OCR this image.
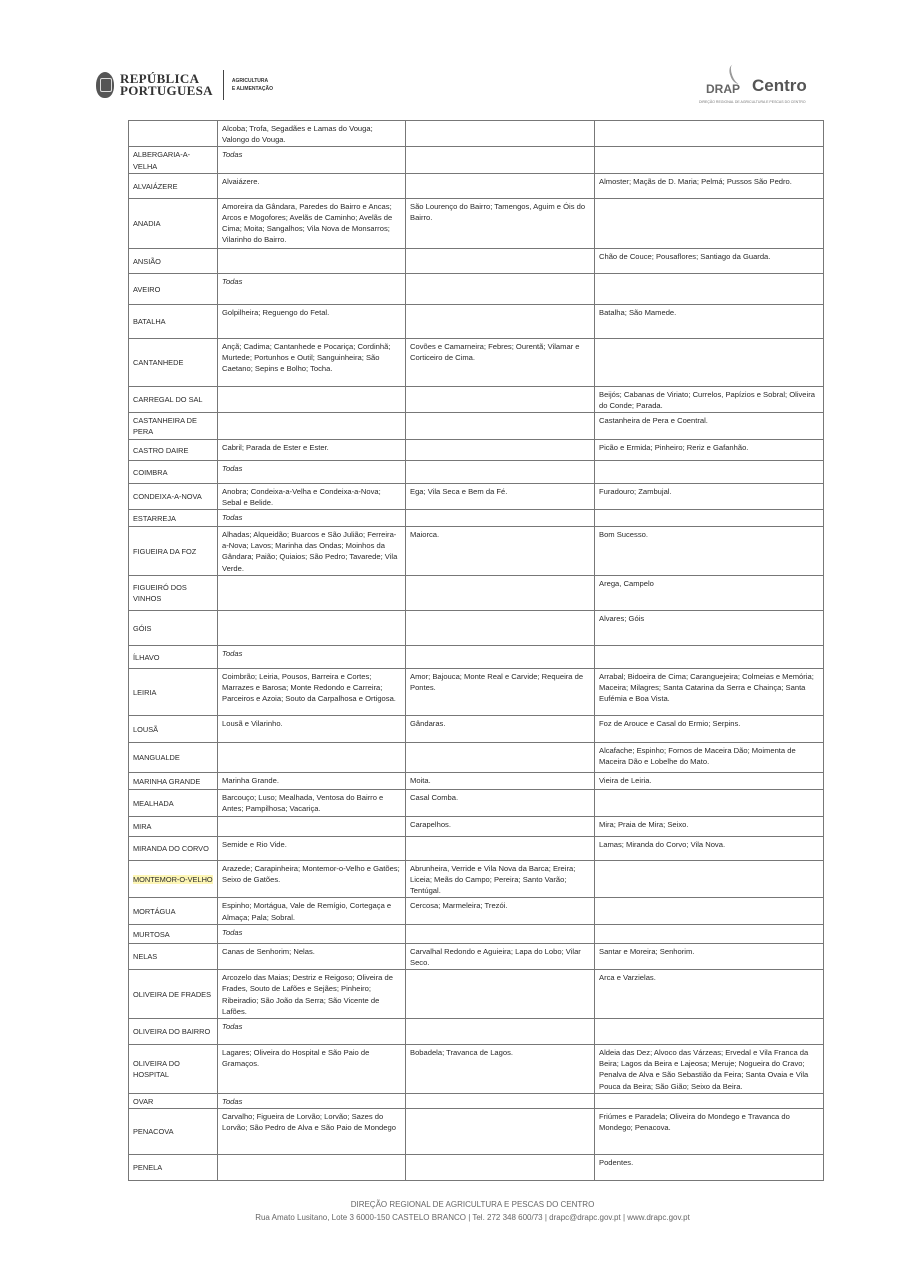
REPÚBLICA
PORTUGUESA
AGRICULTURA
E ALIMENTAÇÃO	DRAP Centro
DIREÇÃO REGIONAL DE AGRICULTURA E PESCAS DO CENTRO
	Alcoba; Trofa, Segadães e Lamas do Vouga; Valongo do Vouga.		
ALBERGARIA-A-VELHA	Todas		
ALVAIÁZERE	Alvaiázere.		Almoster; Maçãs de D. Maria; Pelmá; Pussos São Pedro.
ANADIA	Amoreira da Gândara, Paredes do Bairro e Ancas; Arcos e Mogofores; Avelãs de Caminho; Avelãs de Cima; Moita; Sangalhos; Vila Nova de Monsarros; Vilarinho do Bairro.	São Lourenço do Bairro; Tamengos, Aguim e Óis do Bairro.	
ANSIÃO			Chão de Couce; Pousaflores; Santiago da Guarda.
AVEIRO	Todas		
BATALHA	Golpilheira; Reguengo do Fetal.		Batalha; São Mamede.
CANTANHEDE	Ançã; Cadima; Cantanhede e Pocariça; Cordinhã; Murtede; Portunhos e Outil; Sanguinheira; São Caetano; Sepins e Bolho; Tocha.	Covões e Camarneira; Febres; Ourentã; Vilamar e Corticeiro de Cima.	
CARREGAL DO SAL			Beijós; Cabanas de Viriato; Currelos, Papízios e Sobral; Oliveira do Conde; Parada.
CASTANHEIRA DE PERA			Castanheira de Pera e Coentral.
CASTRO DAIRE	Cabril; Parada de Ester e Ester.		Picão e Ermida; Pinheiro; Reriz e Gafanhão.
COIMBRA	Todas		
CONDEIXA-A-NOVA	Anobra; Condeixa-a-Velha e Condeixa-a-Nova; Sebal e Belide.	Ega; Vila Seca e Bem da Fé.	Furadouro; Zambujal.
ESTARREJA	Todas		
FIGUEIRA DA FOZ	Alhadas; Alqueidão; Buarcos e São Julião; Ferreira-a-Nova; Lavos; Marinha das Ondas; Moinhos da Gândara; Paião; Quiaios; São Pedro; Tavarede; Vila Verde.	Maiorca.	Bom Sucesso.
FIGUEIRÓ DOS VINHOS			Arega, Campelo
GÓIS			Alvares; Góis
ÍLHAVO	Todas		
LEIRIA	Coimbrão; Leiria, Pousos, Barreira e Cortes; Marrazes e Barosa; Monte Redondo e Carreira; Parceiros e Azoia; Souto da Carpalhosa e Ortigosa.	Amor; Bajouca; Monte Real e Carvide; Requeira de Pontes.	Arrabal; Bidoeira de Cima; Caranguejeira; Colmeias e Memória; Maceira; Milagres; Santa Catarina da Serra e Chainça; Santa Eufémia e Boa Vista.
LOUSÃ	Lousã e Vilarinho.	Gândaras.	Foz de Arouce e Casal do Ermio; Serpins.
MANGUALDE			Alcafache; Espinho; Fornos de Maceira Dão; Moimenta de Maceira Dão e Lobelhe do Mato.
MARINHA GRANDE	Marinha Grande.	Moita.	Vieira de Leiria.
MEALHADA	Barcouço; Luso; Mealhada, Ventosa do Bairro e Antes; Pampilhosa; Vacariça.	Casal Comba.	
MIRA		Carapelhos.	Mira; Praia de Mira; Seixo.
MIRANDA DO CORVO	Semide e Rio Vide.		Lamas; Miranda do Corvo; Vila Nova.
MONTEMOR-O-VELHO	Arazede; Carapinheira; Montemor-o-Velho e Gatões; Seixo de Gatões.	Abrunheira, Verride e Vila Nova da Barca; Ereira; Liceia; Meãs do Campo; Pereira; Santo Varão; Tentúgal.	
MORTÁGUA	Espinho; Mortágua, Vale de Remígio, Cortegaça e Almaça; Pala; Sobral.	Cercosa; Marmeleira; Trezói.	
MURTOSA	Todas		
NELAS	Canas de Senhorim; Nelas.	Carvalhal Redondo e Aguieira; Lapa do Lobo; Vilar Seco.	Santar e Moreira; Senhorim.
OLIVEIRA DE FRADES	Arcozelo das Maias; Destriz e Reigoso; Oliveira de Frades, Souto de Lafões e Sejães; Pinheiro; Ribeiradio; São João da Serra; São Vicente de Lafões.		Arca e Varzielas.
OLIVEIRA DO BAIRRO	Todas		
OLIVEIRA DO HOSPITAL	Lagares; Oliveira do Hospital e São Paio de Gramaços.	Bobadela; Travanca de Lagos.	Aldeia das Dez; Alvoco das Várzeas; Ervedal e Vila Franca da Beira; Lagos da Beira e Lajeosa; Meruje; Nogueira do Cravo; Penalva de Alva e São Sebastião da Feira; Santa Ovaia e Vila Pouca da Beira; São Gião; Seixo da Beira.
OVAR	Todas		
PENACOVA	Carvalho; Figueira de Lorvão; Lorvão; Sazes do Lorvão; São Pedro de Alva e São Paio de Mondego		Friúmes e Paradela; Oliveira do Mondego e Travanca do Mondego; Penacova.
PENELA			Podentes.
DIREÇÃO REGIONAL DE AGRICULTURA E PESCAS DO CENTRO
Rua Amato Lusitano, Lote 3 6000-150 CASTELO BRANCO | Tel. 272 348 600/73 | drapc@drapc.gov.pt | www.drapc.gov.pt
